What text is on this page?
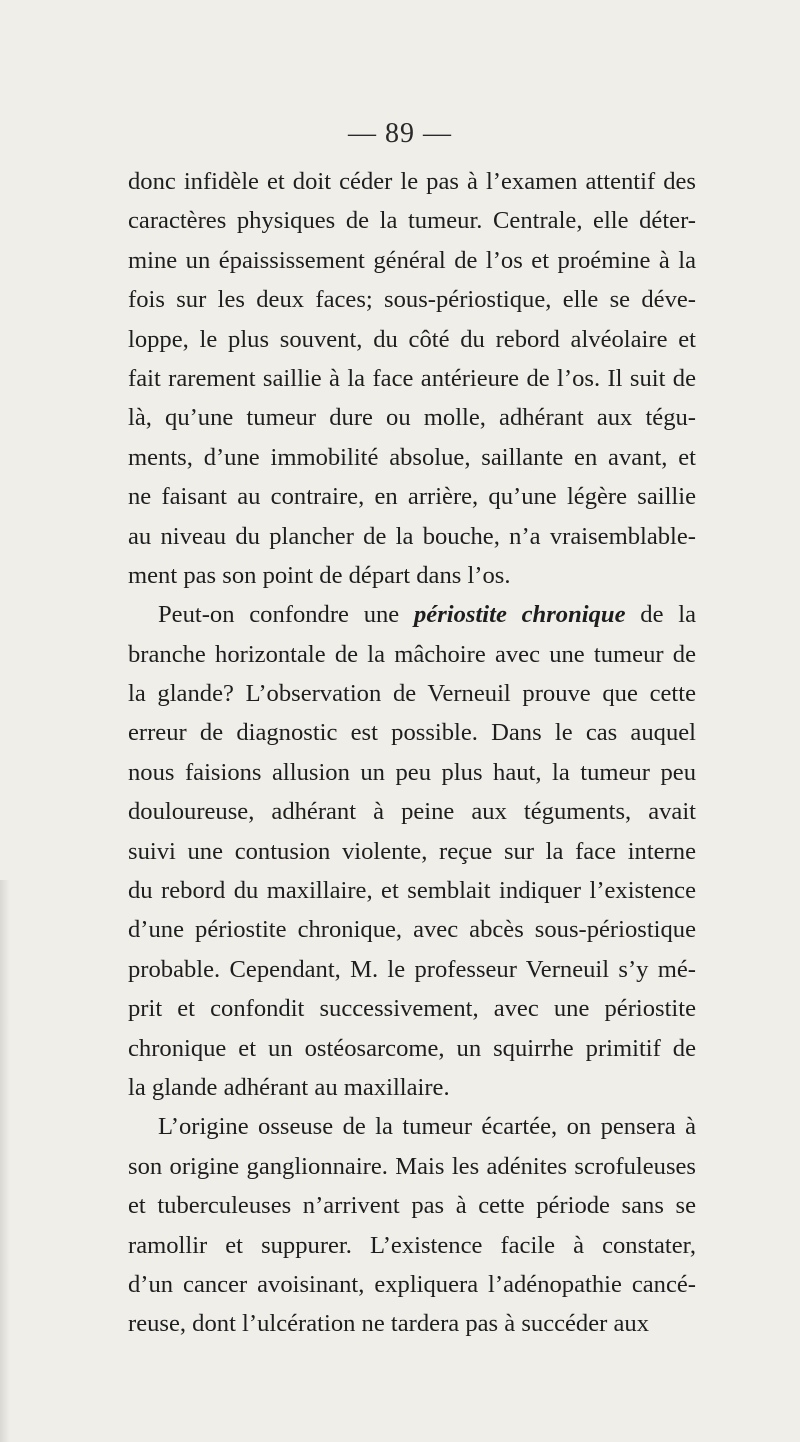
— 89 —
donc infidèle et doit céder le pas à l’examen attentif des
caractères physiques de la tumeur. Centrale, elle déter-
mine un épaississement général de l’os et proémine à la
fois sur les deux faces; sous-périostique, elle se déve-
loppe, le plus souvent, du côté du rebord alvéolaire et
fait rarement saillie à la face antérieure de l’os. Il suit de
là, qu’une tumeur dure ou molle, adhérant aux tégu-
ments, d’une immobilité absolue, saillante en avant, et
ne faisant au contraire, en arrière, qu’une légère saillie
au niveau du plancher de la bouche, n’a vraisemblable-
ment pas son point de départ dans l’os.
Peut-on confondre une périostite chronique de la
branche horizontale de la mâchoire avec une tumeur de
la glande? L’observation de Verneuil prouve que cette
erreur de diagnostic est possible. Dans le cas auquel
nous faisions allusion un peu plus haut, la tumeur peu
douloureuse, adhérant à peine aux téguments, avait
suivi une contusion violente, reçue sur la face interne
du rebord du maxillaire, et semblait indiquer l’existence
d’une périostite chronique, avec abcès sous-périostique
probable. Cependant, M. le professeur Verneuil s’y mé-
prit et confondit successivement, avec une périostite
chronique et un ostéosarcome, un squirrhe primitif de
la glande adhérant au maxillaire.
L’origine osseuse de la tumeur écartée, on pensera à
son origine ganglionnaire. Mais les adénites scrofuleuses
et tuberculeuses n’arrivent pas à cette période sans se
ramollir et suppurer. L’existence facile à constater,
d’un cancer avoisinant, expliquera l’adénopathie cancé-
reuse, dont l’ulcération ne tardera pas à succéder aux
